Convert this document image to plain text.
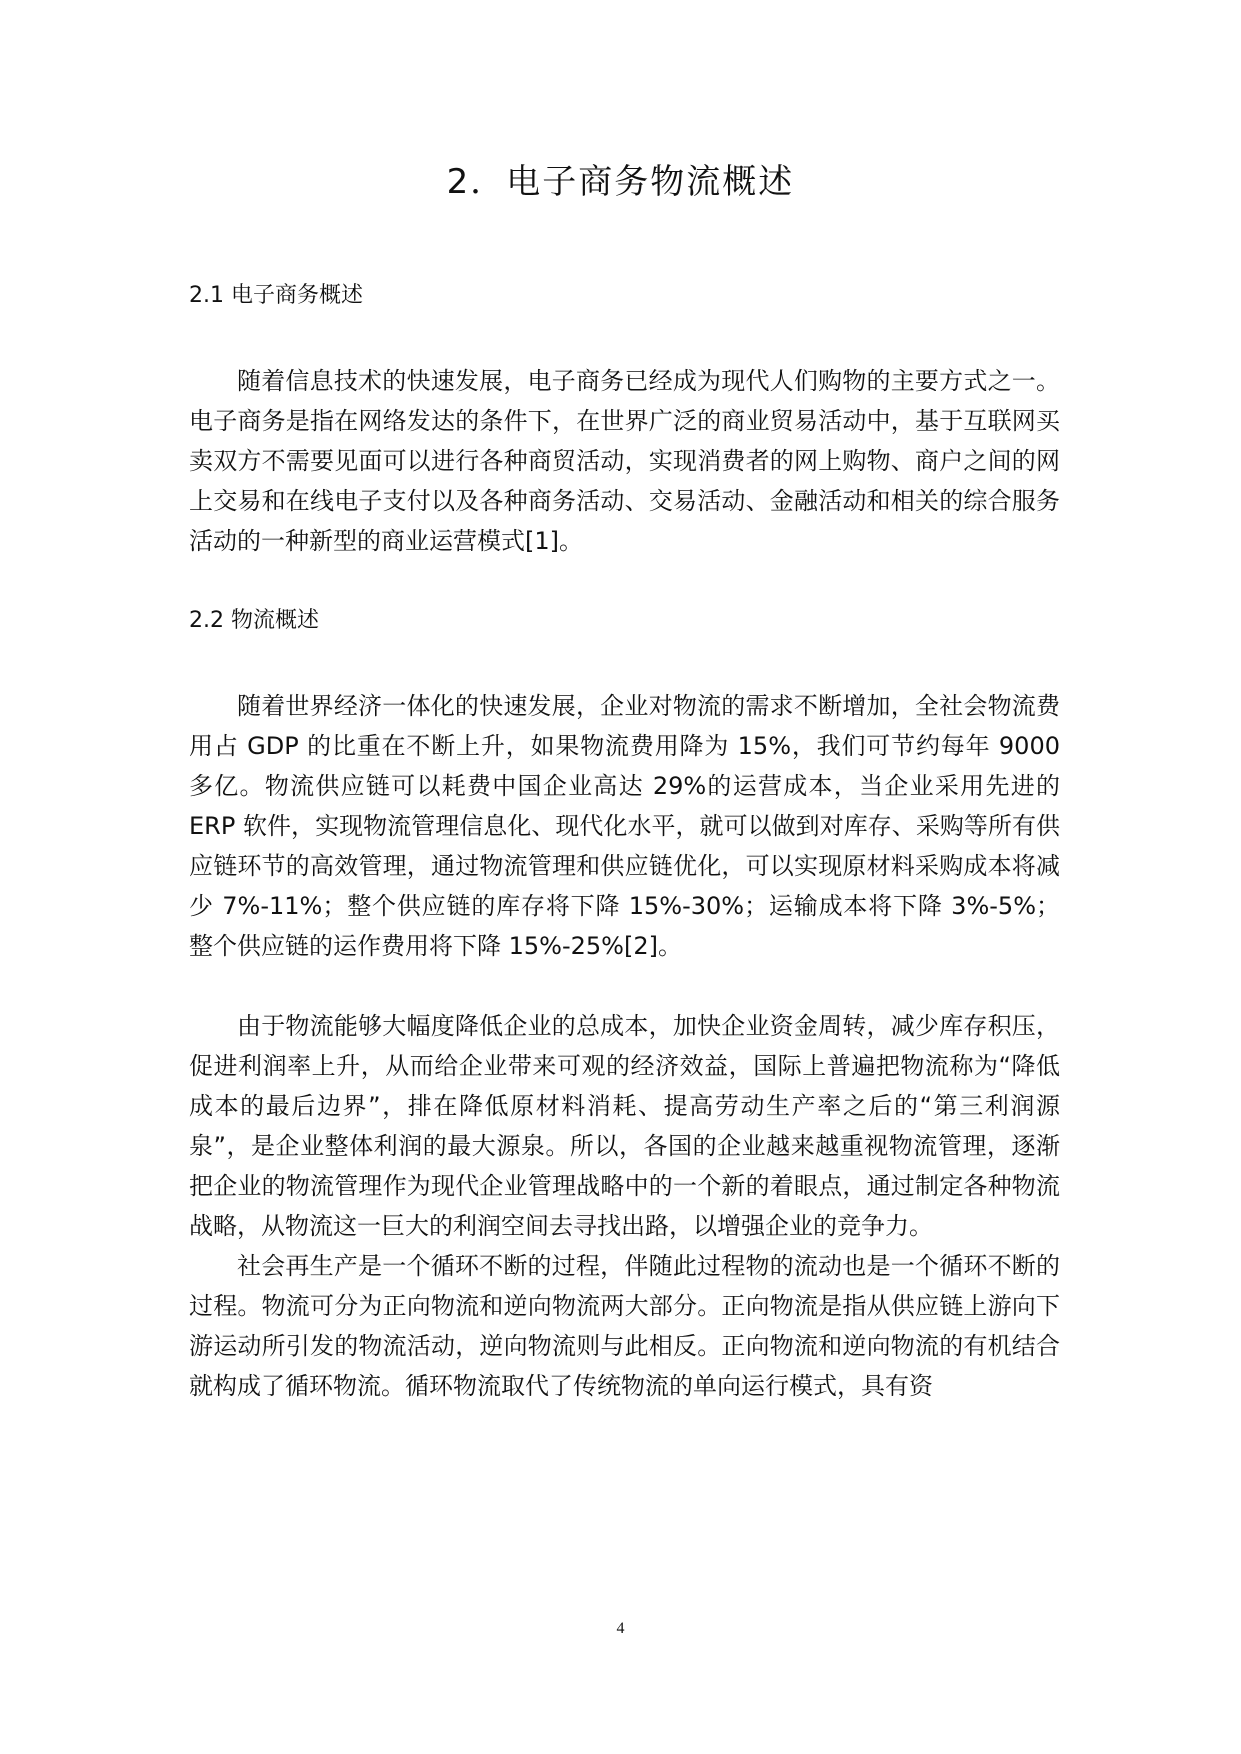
2．电子商务物流概述
2.1 电子商务概述

随着信息技术的快速发展，电子商务已经成为现代人们购物的主要方式之一。电子商务是指在网络发达的条件下，在世界广泛的商业贸易活动中，基于互联网买卖双方不需要见面可以进行各种商贸活动，实现消费者的网上购物、商户之间的网上交易和在线电子支付以及各种商务活动、交易活动、金融活动和相关的综合服务活动的一种新型的商业运营模式[1]。

2.2 物流概述

随着世界经济一体化的快速发展，企业对物流的需求不断增加，全社会物流费用占 GDP 的比重在不断上升，如果物流费用降为 15%，我们可节约每年 9000 多亿。物流供应链可以耗费中国企业高达 29%的运营成本，当企业采用先进的 ERP 软件，实现物流管理信息化、现代化水平，就可以做到对库存、采购等所有供应链环节的高效管理，通过物流管理和供应链优化，可以实现原材料采购成本将减少 7%-11%；整个供应链的库存将下降 15%-30%；运输成本将下降 3%-5%；整个供应链的运作费用将下降 15%-25%[2]。

由于物流能够大幅度降低企业的总成本，加快企业资金周转，减少库存积压，促进利润率上升，从而给企业带来可观的经济效益，国际上普遍把物流称为“降低成本的最后边界”，排在降低原材料消耗、提高劳动生产率之后的“第三利润源泉”，是企业整体利润的最大源泉。所以，各国的企业越来越重视物流管理，逐渐把企业的物流管理作为现代企业管理战略中的一个新的着眼点，通过制定各种物流战略，从物流这一巨大的利润空间去寻找出路，以增强企业的竞争力。

社会再生产是一个循环不断的过程，伴随此过程物的流动也是一个循环不断的过程。物流可分为正向物流和逆向物流两大部分。正向物流是指从供应链上游向下游运动所引发的物流活动，逆向物流则与此相反。正向物流和逆向物流的有机结合就构成了循环物流。循环物流取代了传统物流的单向运行模式，具有资

4
